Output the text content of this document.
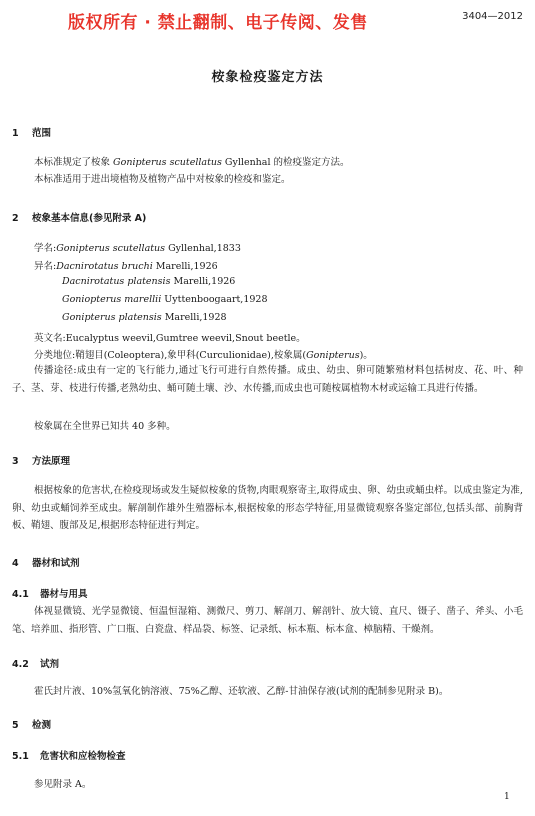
版权所有 · 禁止翻制、电子传阅、发售	3404—2012
桉象检疫鉴定方法
1 范围
本标准规定了桉象 Gonipterus scutellatus Gyllenhal 的检疫鉴定方法。
本标准适用于进出境植物及植物产品中对桉象的检疫和鉴定。
2 桉象基本信息(参见附录 A)
学名:Gonipterus scutellatus Gyllenhal,1833
异名:Dacnirotatus bruchi Marelli,1926
Dacnirotatus platensis Marelli,1926
Goniopterus marellii Uyttenboogaart,1928
Gonipterus platensis Marelli,1928
英文名:Eucalyptus weevil,Gumtree weevil,Snout beetle。
分类地位:鞘翅目(Coleoptera),象甲科(Curculionidae),桉象属(Gonipterus)。
传播途径:成虫有一定的飞行能力,通过飞行可进行自然传播。成虫、幼虫、卵可随繁殖材料包括树皮、花、叶、种子、茎、芽、枝进行传播,老熟幼虫、蛹可随土壤、沙、水传播,而成虫也可随桉属植物木材或运输工具进行传播。
桉象属在全世界已知共 40 多种。
3 方法原理
根据桉象的危害状,在检疫现场或发生疑似桉象的货物,肉眼观察寄主,取得成虫、卵、幼虫或蛹虫样。以成虫鉴定为准,卵、幼虫或蛹饲养至成虫。解剖制作雄外生殖器标本,根据桉象的形态学特征,用显微镜观察各鉴定部位,包括头部、前胸背板、鞘翅、腹部及足,根据形态特征进行判定。
4 器材和试剂
4.1 器材与用具
体视显微镜、光学显微镜、恒温恒湿箱、测微尺、剪刀、解剖刀、解剖针、放大镜、直尺、镊子、凿子、斧头、小毛笔、培养皿、指形管、广口瓶、白瓷盘、样品袋、标签、记录纸、标本瓶、标本盒、樟脑精、干燥剂。
4.2 试剂
霍氏封片液、10%氢氧化钠溶液、75%乙醇、还软液、乙醇-甘油保存液(试剂的配制参见附录 B)。
5 检测
5.1 危害状和应检物检查
参见附录 A。
1
